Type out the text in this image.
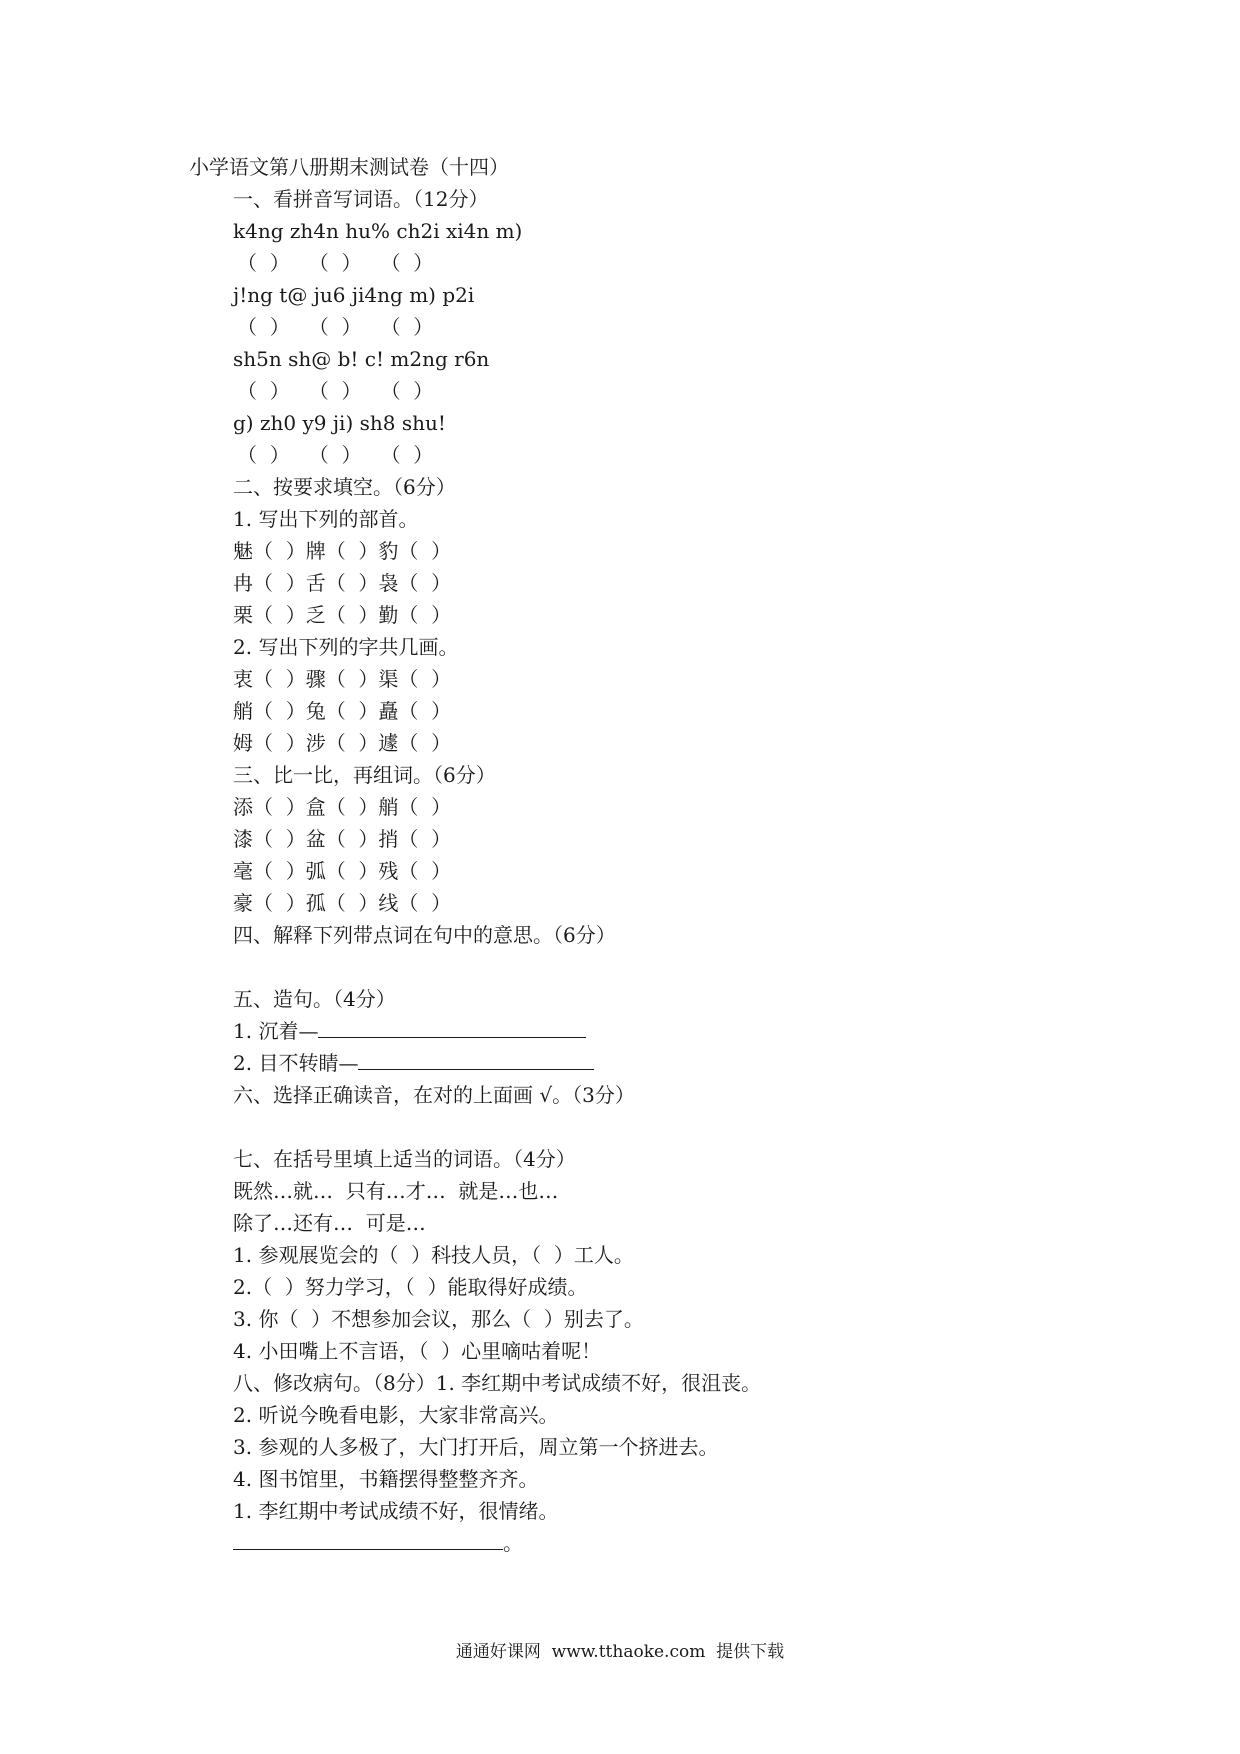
小学语文第八册期末测试卷（十四）
一、看拼音写词语。（12分）
k4ng zh4n hu% ch2i xi4n m)
（  ）   （  ）   （  ）
j!ng t@ ju6 ji4ng m) p2i
（  ）   （  ）   （  ）
sh5n sh@ b! c! m2ng r6n
（  ）   （  ）   （  ）
g) zh0 y9 ji) sh8 shu!
（  ）   （  ）   （  ）
二、按要求填空。（6分）
1. 写出下列的部首。
魅（  ）牌（  ）豹（  ）
冉（  ）舌（  ）袅（  ）
栗（  ）乏（  ）勤（  ）
2. 写出下列的字共几画。
衷（  ）骤（  ）渠（  ）
艄（  ）兔（  ）矗（  ）
姆（  ）涉（  ）遽（  ）
三、比一比，再组词。（6分）
添（  ）盒（  ）艄（  ）
漆（  ）盆（  ）捎（  ）
毫（  ）弧（  ）残（  ）
豪（  ）孤（  ）线（  ）
四、解释下列带点词在句中的意思。（6分）
五、造句。（4分）
1. 沉着—
2. 目不转睛—
六、选择正确读音，在对的上面画 √。（3分）
七、在括号里填上适当的词语。（4分）
既然…就…  只有…才…  就是…也…
除了…还有…  可是…
1. 参观展览会的（  ）科技人员，（  ）工人。
2.（  ）努力学习，（  ）能取得好成绩。
3. 你（  ）不想参加会议，那么（  ）别去了。
4. 小田嘴上不言语，（  ）心里嘀咕着呢！
八、修改病句。（8分）1. 李红期中考试成绩不好，很沮丧。
2. 听说今晚看电影，大家非常高兴。
3. 参观的人多极了，大门打开后，周立第一个挤进去。
4. 图书馆里，书籍摆得整整齐齐。
1. 李红期中考试成绩不好，很情绪。
。
通通好课网  www.tthaoke.com  提供下载
